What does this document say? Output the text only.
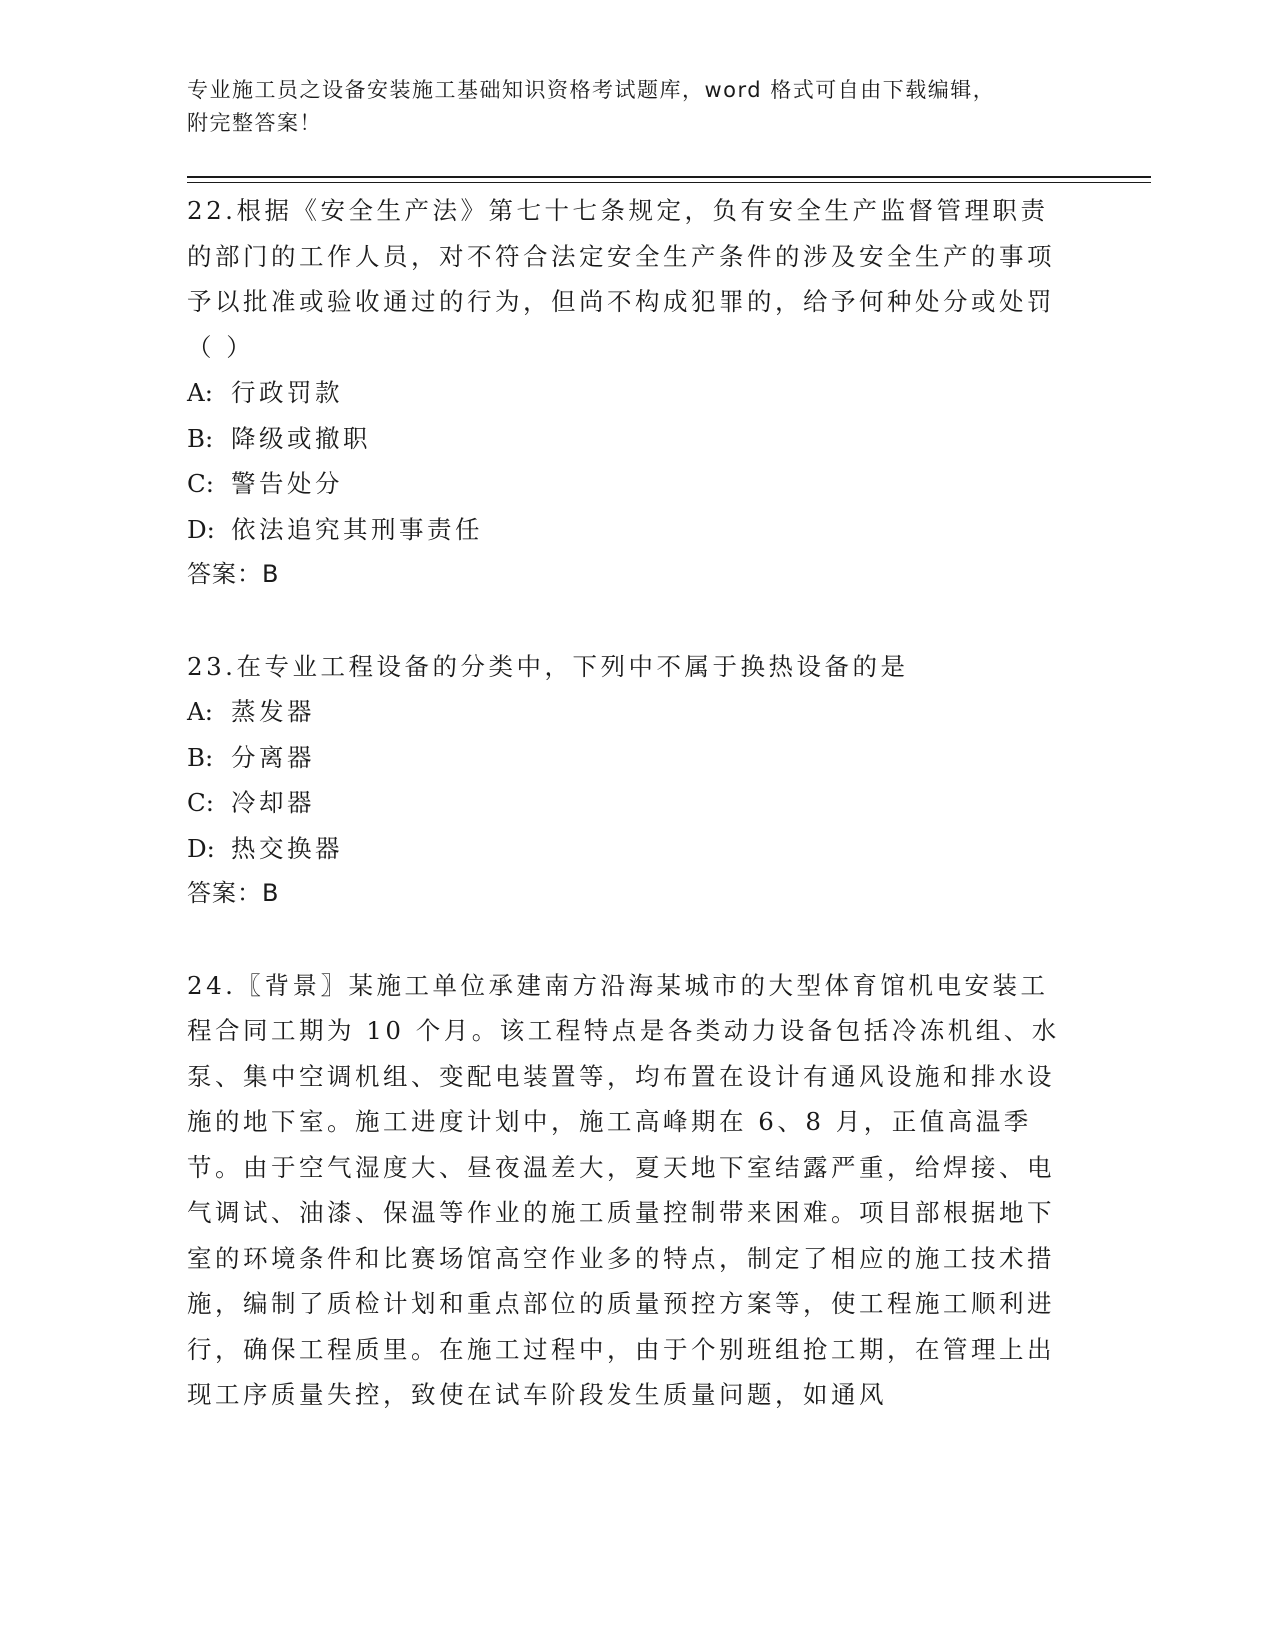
专业施工员之设备安装施工基础知识资格考试题库，word 格式可自由下载编辑，
附完整答案！

22.根据《安全生产法》第七十七条规定，负有安全生产监督管理职责的部门的工作人员，对不符合法定安全生产条件的涉及安全生产的事项予以批准或验收通过的行为，但尚不构成犯罪的，给予何种处分或处罚（ ）

A: 行政罚款

B: 降级或撤职

C: 警告处分

D: 依法追究其刑事责任

答案：B

23.在专业工程设备的分类中，下列中不属于换热设备的是

A: 蒸发器

B: 分离器

C: 冷却器

D: 热交换器

答案：B

24.〖背景〗某施工单位承建南方沿海某城市的大型体育馆机电安装工程合同工期为 10 个月。该工程特点是各类动力设备包括冷冻机组、水泵、集中空调机组、变配电装置等，均布置在设计有通风设施和排水设施的地下室。施工进度计划中，施工高峰期在 6、8 月，正值高温季节。由于空气湿度大、昼夜温差大，夏天地下室结露严重，给焊接、电气调试、油漆、保温等作业的施工质量控制带来困难。项目部根据地下室的环境条件和比赛场馆高空作业多的特点，制定了相应的施工技术措施，编制了质检计划和重点部位的质量预控方案等，使工程施工顺利进行，确保工程质里。在施工过程中，由于个别班组抢工期，在管理上出现工序质量失控，致使在试车阶段发生质量问题，如通风
